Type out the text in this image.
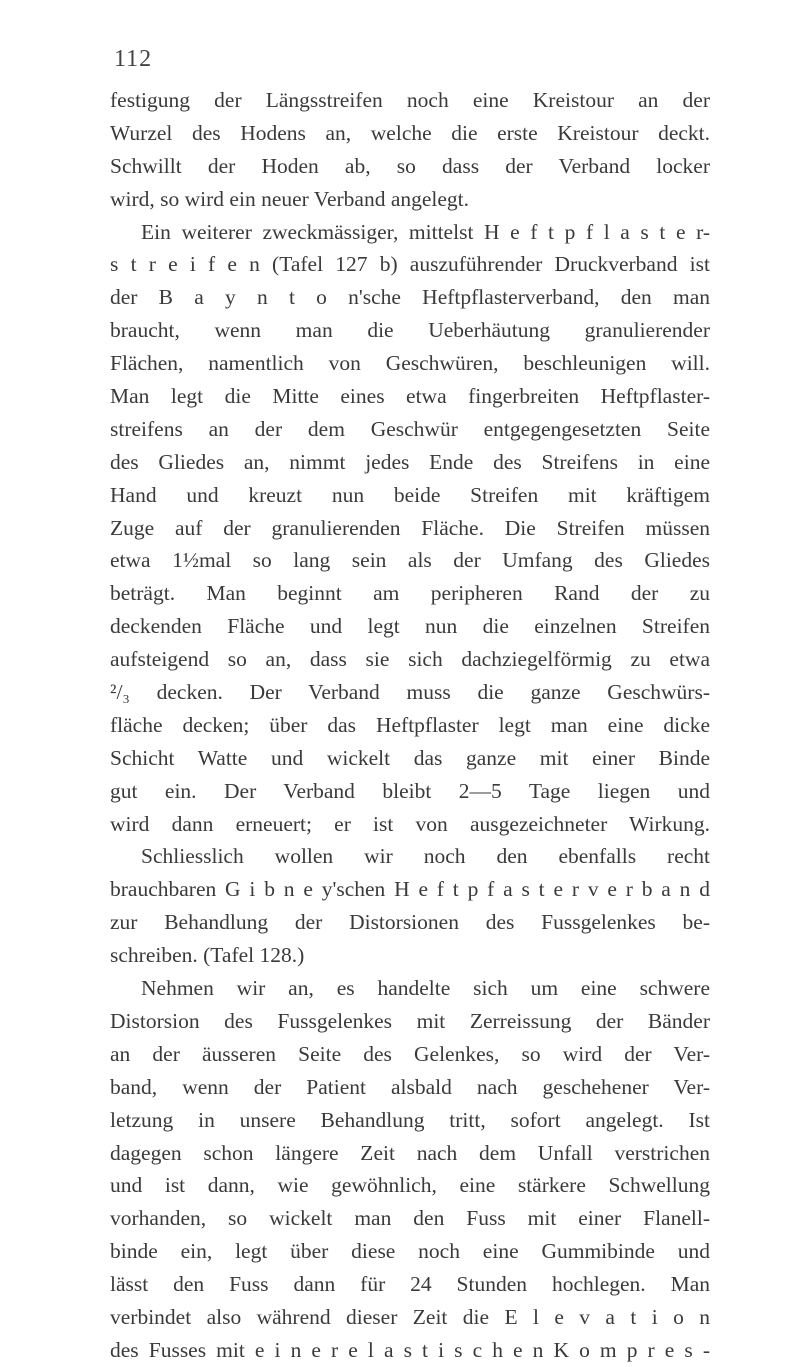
112
festigung der Längsstreifen noch eine Kreistour an der
Wurzel des Hodens an, welche die erste Kreistour deckt.
Schwillt der Hoden ab, so dass der Verband locker
wird, so wird ein neuer Verband angelegt.
Ein weiterer zweckmässiger, mittelst H e f t p f l a s t e r-
s t r e i f e n (Tafel 127 b) auszuführender Druckverband ist
der B a y n t o n'sche Heftpflasterverband, den man
braucht, wenn man die Ueberhäutung granulierender
Flächen, namentlich von Geschwüren, beschleunigen will.
Man legt die Mitte eines etwa fingerbreiten Heftpflaster-
streifens an der dem Geschwür entgegengesetzten Seite
des Gliedes an, nimmt jedes Ende des Streifens in eine
Hand und kreuzt nun beide Streifen mit kräftigem
Zuge auf der granulierenden Fläche. Die Streifen müssen
etwa 1½mal so lang sein als der Umfang des Gliedes
beträgt. Man beginnt am peripheren Rand der zu
deckenden Fläche und legt nun die einzelnen Streifen
aufsteigend so an, dass sie sich dachziegelförmig zu etwa
²/₃ decken. Der Verband muss die ganze Geschwürs-
fläche decken; über das Heftpflaster legt man eine dicke
Schicht Watte und wickelt das ganze mit einer Binde
gut ein. Der Verband bleibt 2—5 Tage liegen und
wird dann erneuert; er ist von ausgezeichneter Wirkung.
Schliesslich wollen wir noch den ebenfalls recht
brauchbaren G i b n e y'schen H e f t p f a s t e r v e r b a n d
zur Behandlung der Distorsionen des Fussgelenkes be-
schreiben. (Tafel 128.)
Nehmen wir an, es handelte sich um eine schwere
Distorsion des Fussgelenkes mit Zerreissung der Bänder
an der äusseren Seite des Gelenkes, so wird der Ver-
band, wenn der Patient alsbald nach geschehener Ver-
letzung in unsere Behandlung tritt, sofort angelegt. Ist
dagegen schon längere Zeit nach dem Unfall verstrichen
und ist dann, wie gewöhnlich, eine stärkere Schwellung
vorhanden, so wickelt man den Fuss mit einer Flanell-
binde ein, legt über diese noch eine Gummibinde und
lässt den Fuss dann für 24 Stunden hochlegen. Man
verbindet also während dieser Zeit die E l e v a t i o n
des Fusses mit e i n e r e l a s t i s c h e n K o m p r e s -
